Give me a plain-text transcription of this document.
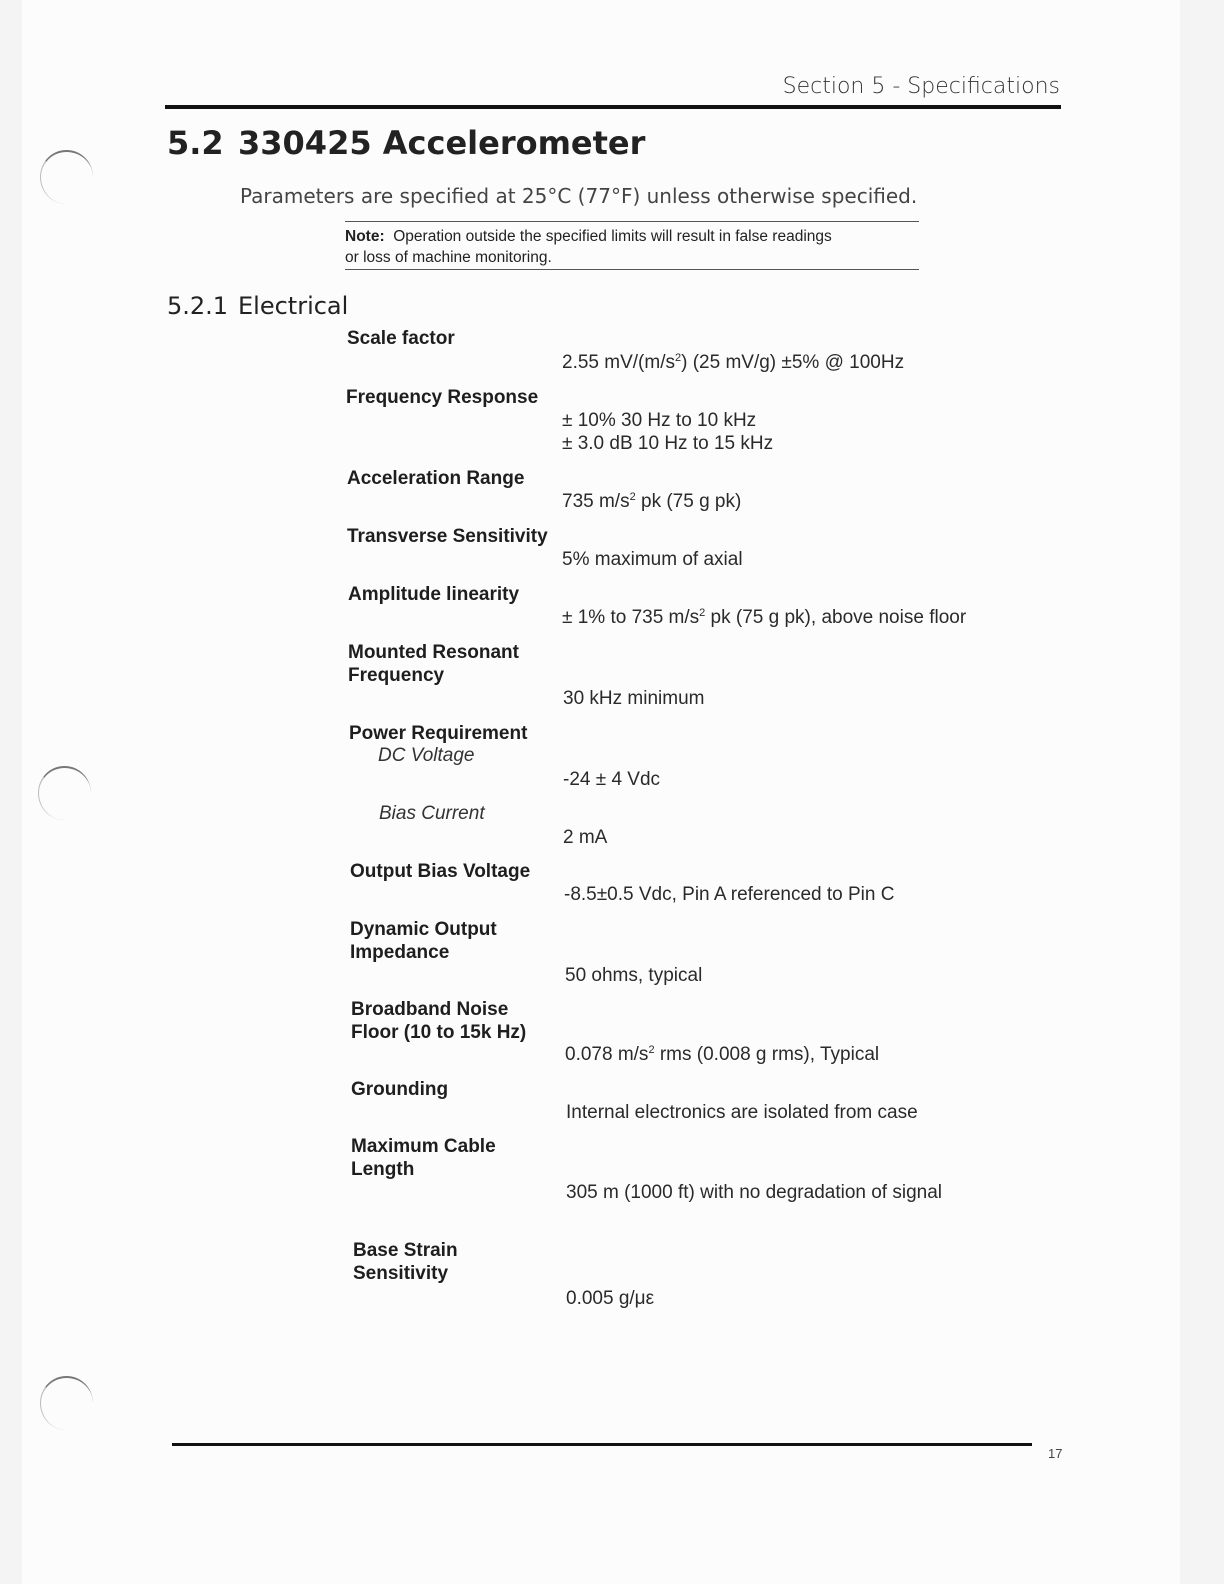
Section 5 - Specifications
5.2 330425 Accelerometer
Parameters are specified at 25°C (77°F) unless otherwise specified.
Note: Operation outside the specified limits will result in false readings
or loss of machine monitoring.
5.2.1 Electrical
Scale factor
2.55 $mV/(m/s^2)$ (25 mV/g) ±5% @ 100Hz
Frequency Response
± 10% 30 Hz to 10 kHz
± 3.0 dB 10 Hz to 15 kHz
Acceleration Range
735 $m/s^2$ pk (75 g pk)
Transverse Sensitivity
5% maximum of axial
Amplitude linearity
± 1% to 735 $m/s^2$ pk (75 g pk), above noise floor
Mounted Resonant
Frequency
30 kHz minimum
Power Requirement
DC Voltage
-24 ± 4 Vdc
Bias Current
2 mA
Output Bias Voltage
-8.5±0.5 Vdc, Pin A referenced to Pin C
Dynamic Output
Impedance
50 ohms, typical
Broadband Noise
Floor (10 to 15k Hz)
0.078 $m/s^2$ rms (0.008 g rms), Typical
Grounding
Internal electronics are isolated from case
Maximum Cable
Length
305 m (1000 ft) with no degradation of signal
Base Strain
Sensitivity
0.005 g/με
17
